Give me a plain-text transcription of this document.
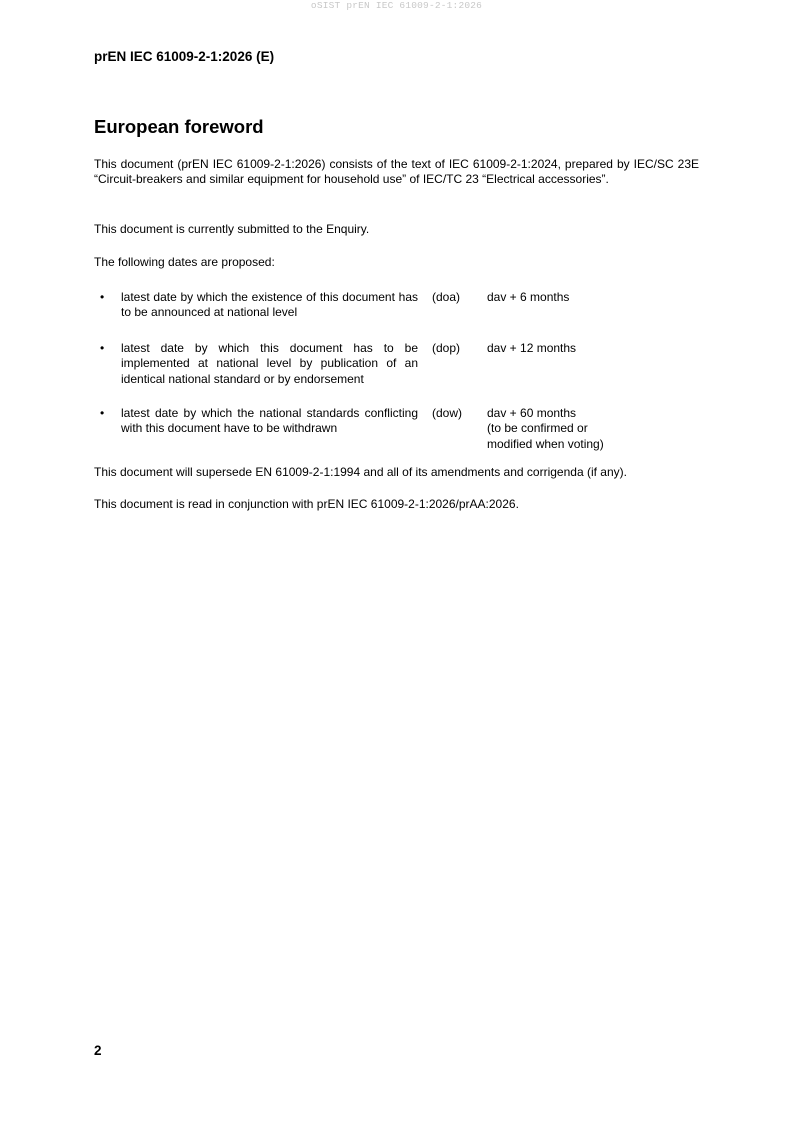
oSIST prEN IEC 61009-2-1:2026
prEN IEC 61009-2-1:2026 (E)
European foreword
This document (prEN IEC 61009-2-1:2026) consists of the text of IEC 61009-2-1:2024, prepared by IEC/SC 23E “Circuit-breakers and similar equipment for household use” of IEC/TC 23 “Electrical accessories”.
This document is currently submitted to the Enquiry.
The following dates are proposed:
• latest date by which the existence of this document has to be announced at national level
(doa) dav + 6 months
• latest date by which this document has to be implemented at national level by publication of an identical national standard or by endorsement
(dop) dav + 12 months
• latest date by which the national standards conflicting with this document have to be withdrawn
(dow) dav + 60 months
(to be confirmed or
modified when voting)
This document will supersede EN 61009-2-1:1994 and all of its amendments and corrigenda (if any).
This document is read in conjunction with prEN IEC 61009-2-1:2026/prAA:2026.
2
